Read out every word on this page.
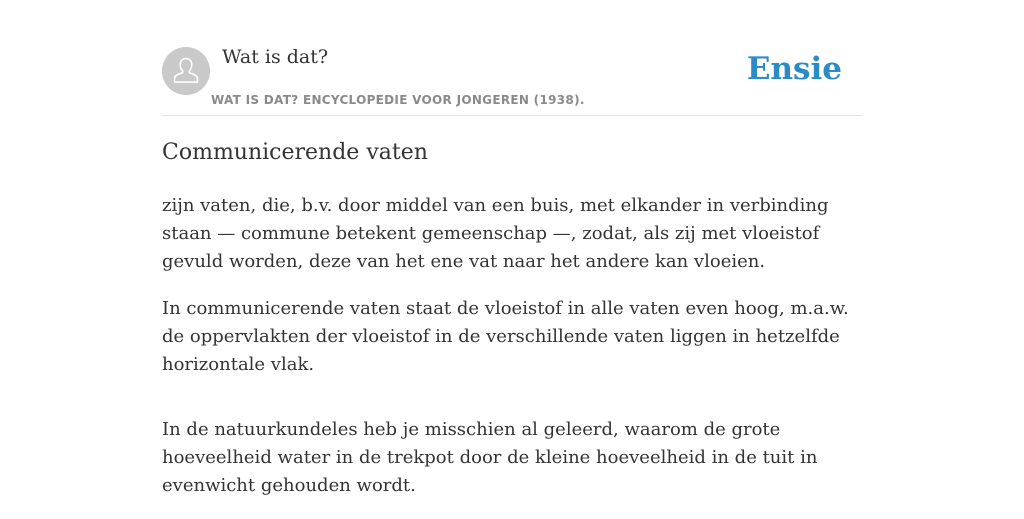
Wat is dat?
WAT IS DAT? ENCYCLOPEDIE VOOR JONGEREN (1938).
Ensie
Communicerende vaten

zijn vaten, die, b.v. door middel van een buis, met elkander in verbinding staan — commune betekent gemeenschap —, zodat, als zij met vloeistof gevuld worden, deze van het ene vat naar het andere kan vloeien.

In communicerende vaten staat de vloeistof in alle vaten even hoog, m.a.w. de oppervlakten der vloeistof in de verschillende vaten liggen in hetzelfde horizontale vlak.

In de natuurkundeles heb je misschien al geleerd, waarom de grote hoeveelheid water in de trekpot door de kleine hoeveelheid in de tuit in evenwicht gehouden wordt.
